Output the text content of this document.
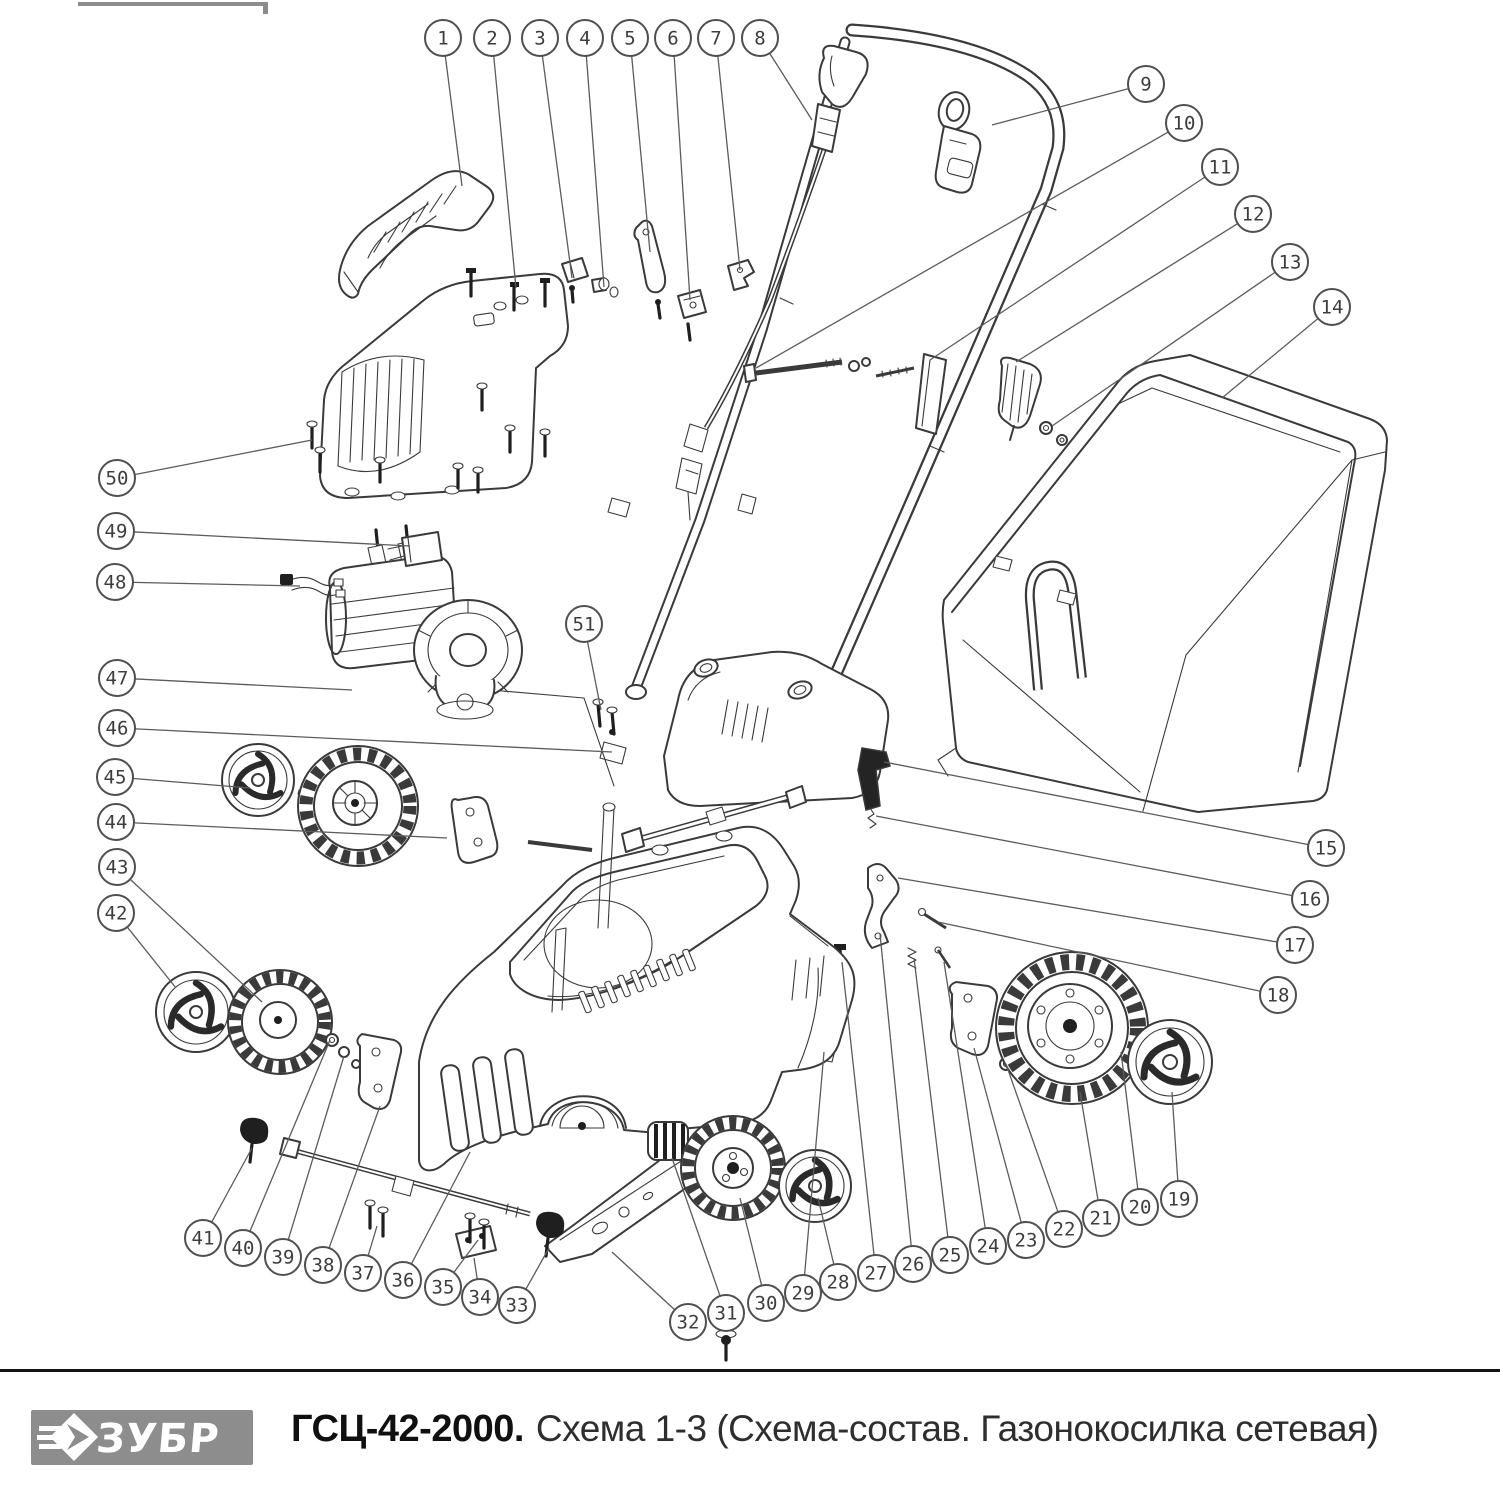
1 2 3 4 5 6 7 8
9
10
11
12
13
14
15
16
17
18
19
20
21
22
23
24
25
26
27
28
29
30
31
32
33
34
35
36
37
38
39
40
41
42
43
44
45
46
47
48
49
50
51
ЗУБР ГСЦ-42-2000. Схема 1-3 (Схема-состав. Газонокосилка сетевая)
